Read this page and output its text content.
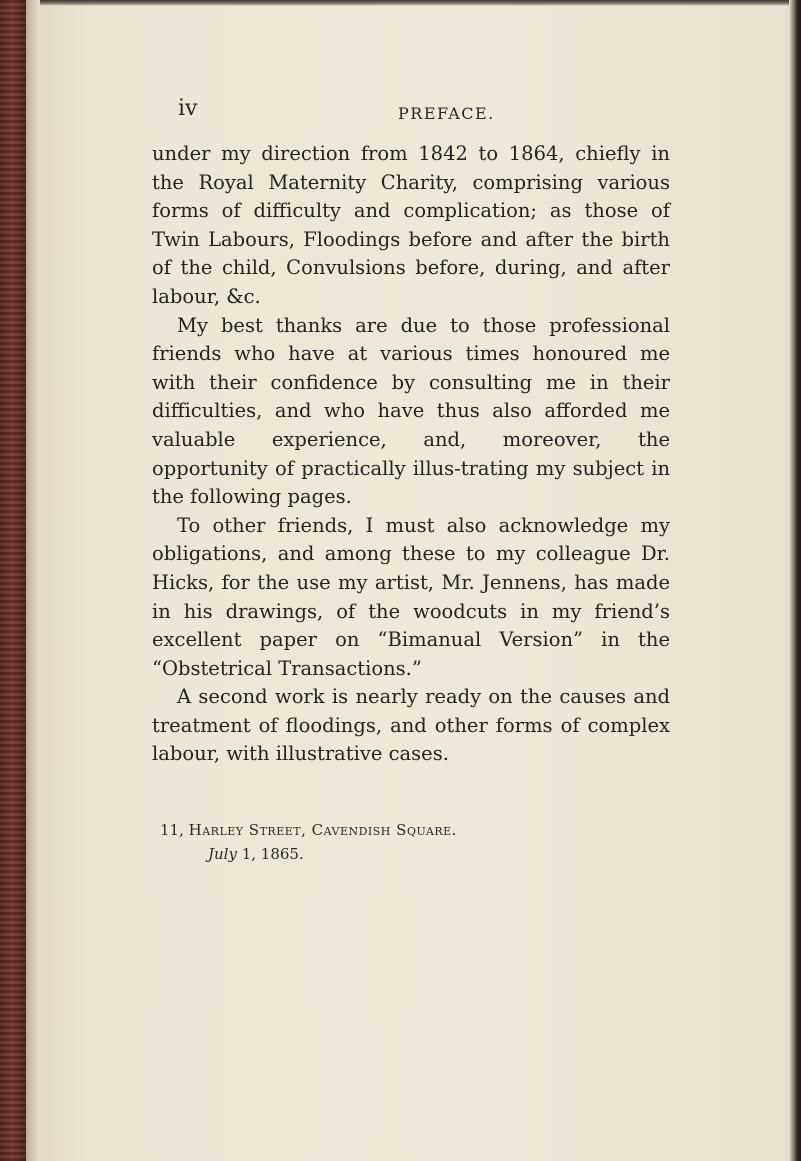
iv	PREFACE.

under my direction from 1842 to 1864, chiefly in the Royal Maternity Charity, comprising various forms of difficulty and complication; as those of Twin Labours, Floodings before and after the birth of the child, Convulsions before, during, and after labour, &c.

My best thanks are due to those professional friends who have at various times honoured me with their confidence by consulting me in their difficulties, and who have thus also afforded me valuable experience, and, moreover, the opportunity of practically illus-trating my subject in the following pages.

To other friends, I must also acknowledge my obligations, and among these to my colleague Dr. Hicks, for the use my artist, Mr. Jennens, has made in his drawings, of the woodcuts in my friend’s excellent paper on “Bimanual Version” in the “Obstetrical Transactions.”

A second work is nearly ready on the causes and treatment of floodings, and other forms of complex labour, with illustrative cases.

11, Harley Street, Cavendish Square.
July 1, 1865.
